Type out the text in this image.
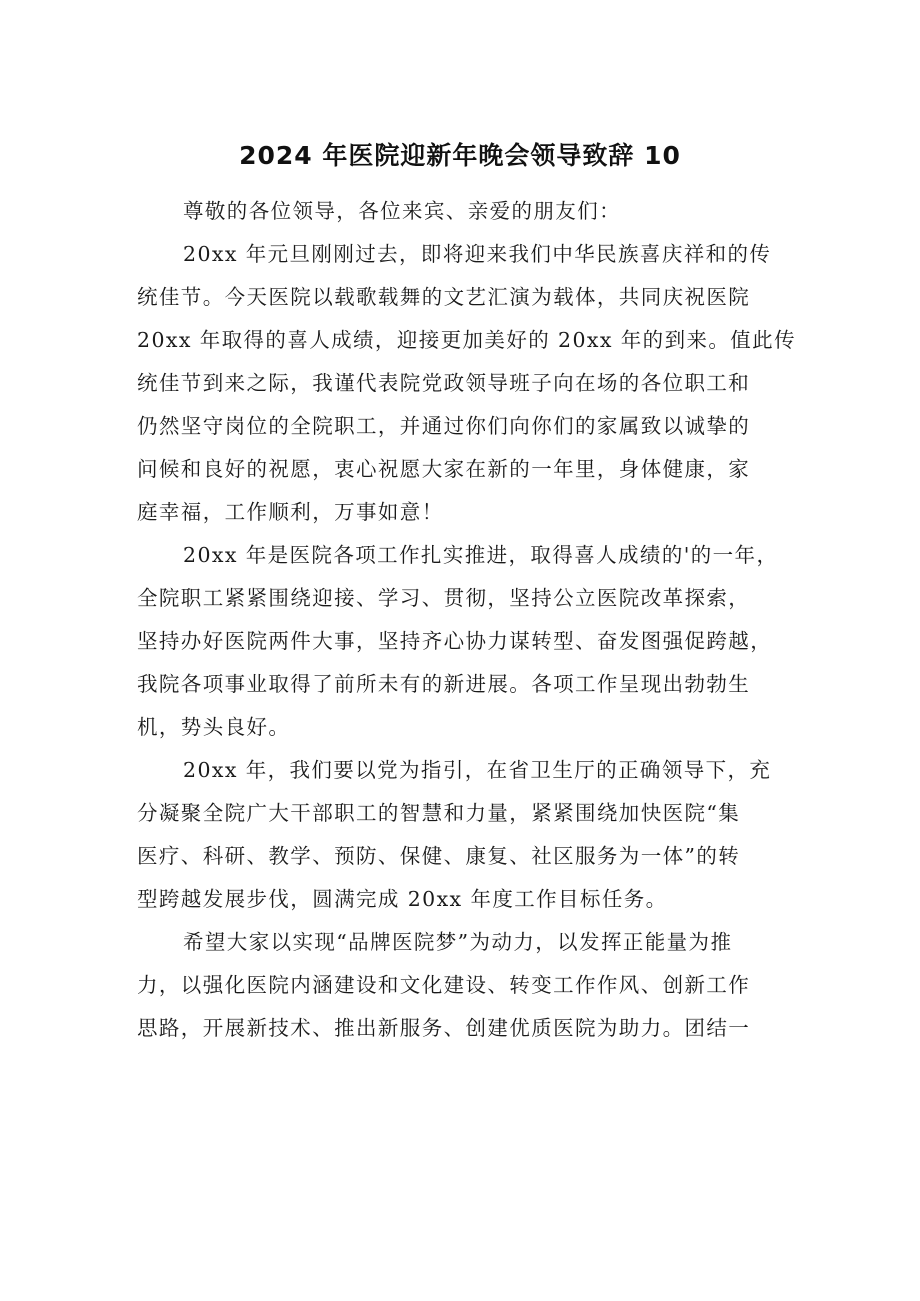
2024 年医院迎新年晚会领导致辞 10
尊敬的各位领导，各位来宾、亲爱的朋友们：
20xx 年元旦刚刚过去，即将迎来我们中华民族喜庆祥和的传
统佳节。今天医院以载歌载舞的文艺汇演为载体，共同庆祝医院
20xx 年取得的喜人成绩，迎接更加美好的 20xx 年的到来。值此传
统佳节到来之际，我谨代表院党政领导班子向在场的各位职工和
仍然坚守岗位的全院职工，并通过你们向你们的家属致以诚挚的
问候和良好的祝愿，衷心祝愿大家在新的一年里，身体健康，家
庭幸福，工作顺利，万事如意！
20xx 年是医院各项工作扎实推进，取得喜人成绩的'的一年，
全院职工紧紧围绕迎接、学习、贯彻，坚持公立医院改革探索，
坚持办好医院两件大事，坚持齐心协力谋转型、奋发图强促跨越，
我院各项事业取得了前所未有的新进展。各项工作呈现出勃勃生
机，势头良好。
20xx 年，我们要以党为指引，在省卫生厅的正确领导下，充
分凝聚全院广大干部职工的智慧和力量，紧紧围绕加快医院“集
医疗、科研、教学、预防、保健、康复、社区服务为一体”的转
型跨越发展步伐，圆满完成 20xx 年度工作目标任务。
希望大家以实现“品牌医院梦”为动力，以发挥正能量为推
力，以强化医院内涵建设和文化建设、转变工作作风、创新工作
思路，开展新技术、推出新服务、创建优质医院为助力。团结一
